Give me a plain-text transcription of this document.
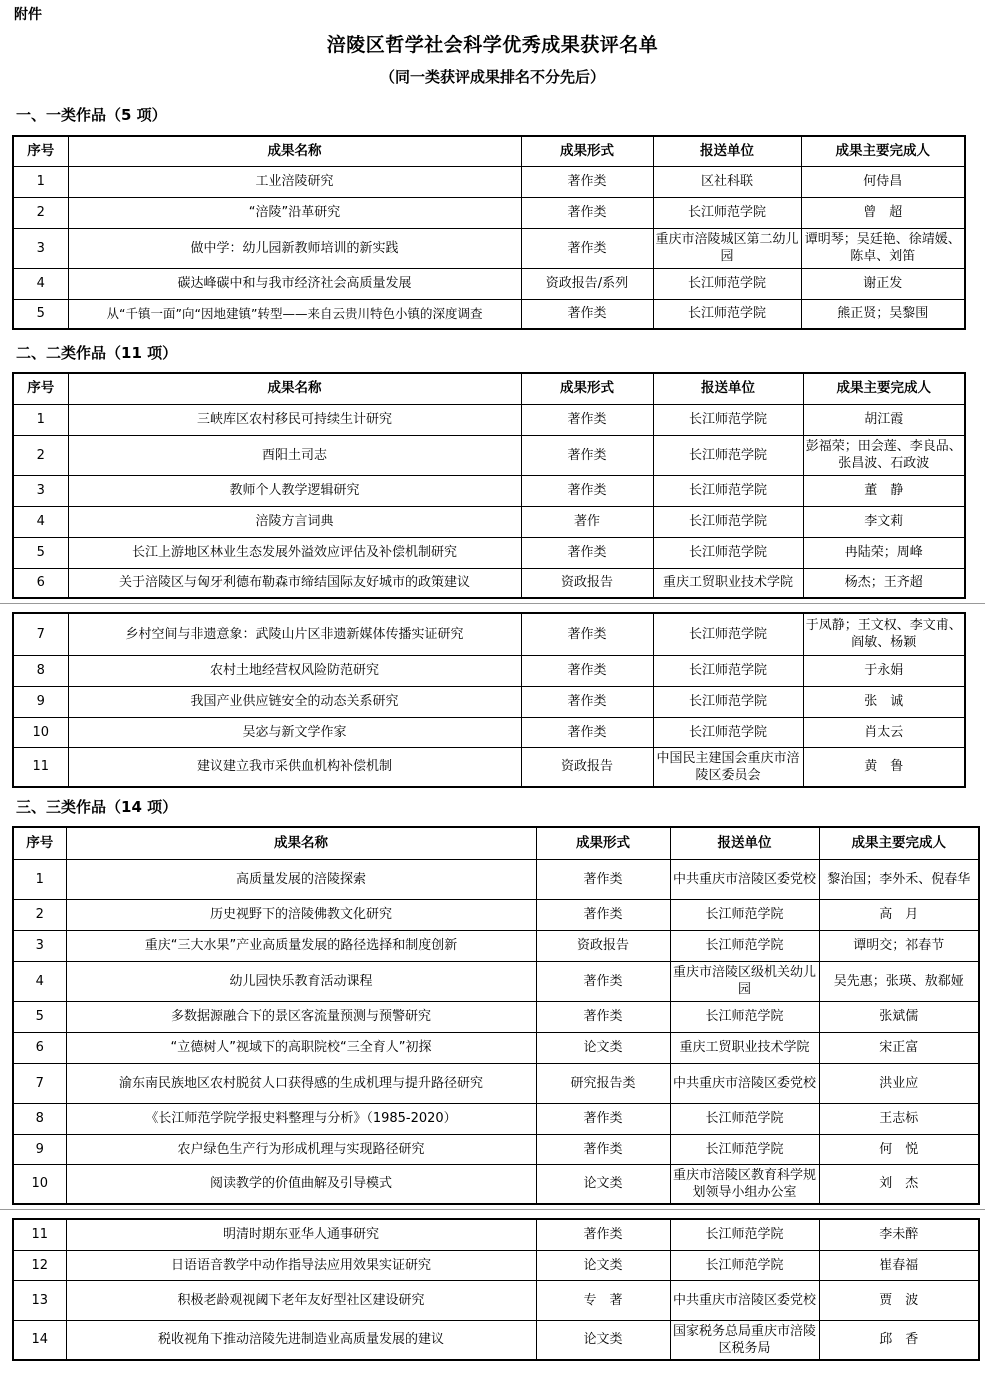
附件
涪陵区哲学社会科学优秀成果获评名单
（同一类获评成果排名不分先后）
一、一类作品（5 项）
序号	成果名称	成果形式	报送单位	成果主要完成人
1	工业涪陵研究	著作类	区社科联	何侍昌
2	“涪陵”沿革研究	著作类	长江师范学院	曾　超
3	做中学：幼儿园新教师培训的新实践	著作类	重庆市涪陵城区第二幼儿园	谭明琴；吴廷艳、徐靖媛、陈卓、刘笛
4	碳达峰碳中和与我市经济社会高质量发展	资政报告/系列	长江师范学院	谢正发
5	从“千镇一面”向“因地建镇”转型——来自云贵川特色小镇的深度调查	著作类	长江师范学院	熊正贤；吴黎围
二、二类作品（11 项）
序号	成果名称	成果形式	报送单位	成果主要完成人
1	三峡库区农村移民可持续生计研究	著作类	长江师范学院	胡江霞
2	酉阳土司志	著作类	长江师范学院	彭福荣；田会莲、李良品、张昌波、石政波
3	教师个人教学逻辑研究	著作类	长江师范学院	董　静
4	涪陵方言词典	著作	长江师范学院	李文莉
5	长江上游地区林业生态发展外溢效应评估及补偿机制研究	著作类	长江师范学院	冉陆荣；周峰
6	关于涪陵区与匈牙利德布勒森市缔结国际友好城市的政策建议	资政报告	重庆工贸职业技术学院	杨杰；王齐超
7	乡村空间与非遗意象：武陵山片区非遗新媒体传播实证研究	著作类	长江师范学院	于凤静；王文权、李文甫、阎敏、杨颖
8	农村土地经营权风险防范研究	著作类	长江师范学院	于永娟
9	我国产业供应链安全的动态关系研究	著作类	长江师范学院	张　诚
10	吴宓与新文学作家	著作类	长江师范学院	肖太云
11	建议建立我市采供血机构补偿机制	资政报告	中国民主建国会重庆市涪陵区委员会	黄　鲁
三、三类作品（14 项）
序号	成果名称	成果形式	报送单位	成果主要完成人
1	高质量发展的涪陵探索	著作类	中共重庆市涪陵区委党校	黎治国；李外禾、倪春华
2	历史视野下的涪陵佛教文化研究	著作类	长江师范学院	高　月
3	重庆“三大水果”产业高质量发展的路径选择和制度创新	资政报告	长江师范学院	谭明交；祁春节
4	幼儿园快乐教育活动课程	著作类	重庆市涪陵区级机关幼儿园	吴先惠；张瑛、敖郗娅
5	多数据源融合下的景区客流量预测与预警研究	著作类	长江师范学院	张斌儒
6	“立德树人”视域下的高职院校“三全育人”初探	论文类	重庆工贸职业技术学院	宋正富
7	渝东南民族地区农村脱贫人口获得感的生成机理与提升路径研究	研究报告类	中共重庆市涪陵区委党校	洪业应
8	《长江师范学院学报史料整理与分析》（1985-2020）	著作类	长江师范学院	王志标
9	农户绿色生产行为形成机理与实现路径研究	著作类	长江师范学院	何　悦
10	阅读教学的价值曲解及引导模式	论文类	重庆市涪陵区教育科学规划领导小组办公室	刘　杰
11	明清时期东亚华人通事研究	著作类	长江师范学院	李未醉
12	日语语音教学中动作指导法应用效果实证研究	论文类	长江师范学院	崔春福
13	积极老龄观视阈下老年友好型社区建设研究	专　著	中共重庆市涪陵区委党校	贾　波
14	税收视角下推动涪陵先进制造业高质量发展的建议	论文类	国家税务总局重庆市涪陵区税务局	邱　香
